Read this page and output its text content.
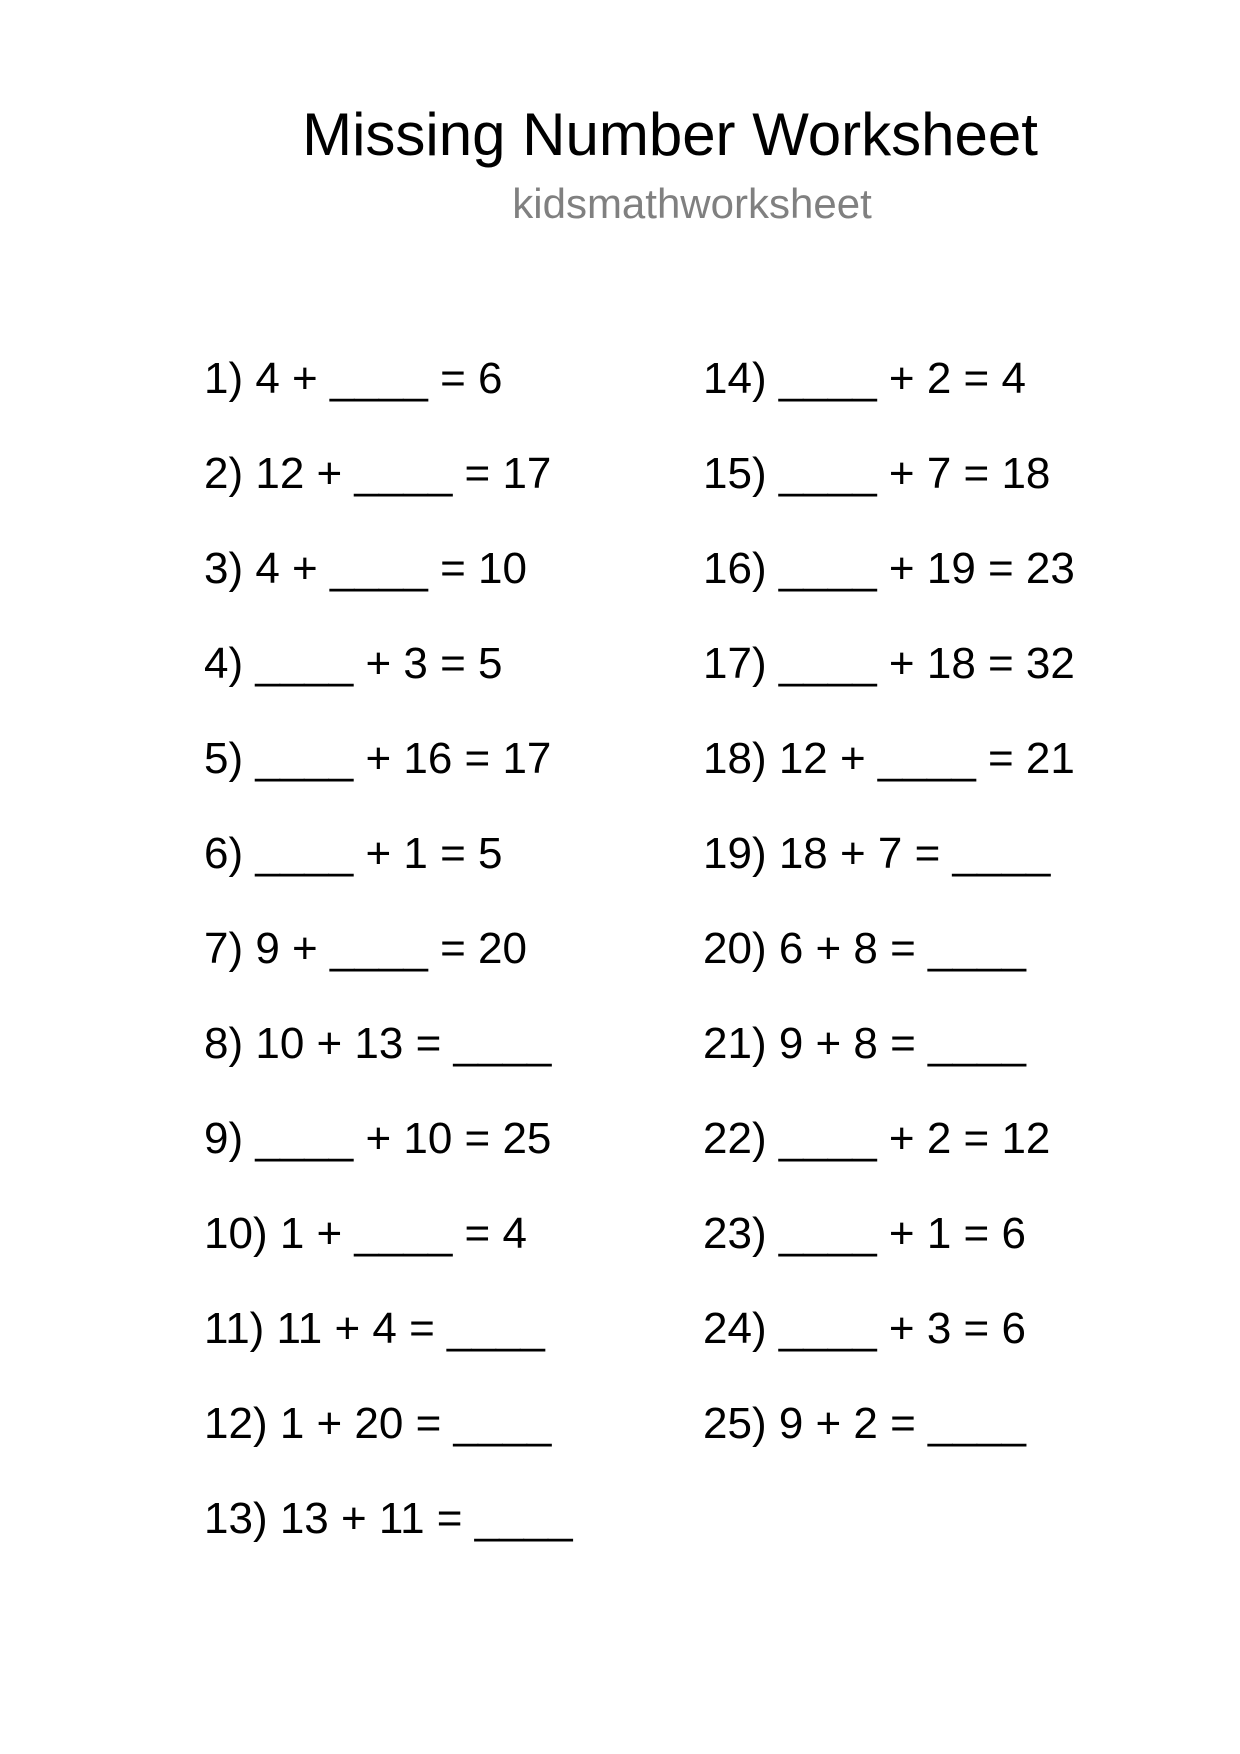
Missing Number Worksheet
kidsmathworksheet
1) 4 + ____ = 6
2) 12 + ____ = 17
3) 4 + ____ = 10
4) ____ + 3 = 5
5) ____ + 16 = 17
6) ____ + 1 = 5
7) 9 + ____ = 20
8) 10 + 13 = ____
9) ____ + 10 = 25
10) 1 + ____ = 4
11) 11 + 4 = ____
12) 1 + 20 = ____
13) 13 + 11 = ____
14) ____ + 2 = 4
15) ____ + 7 = 18
16) ____ + 19 = 23
17) ____ + 18 = 32
18) 12 + ____ = 21
19) 18 + 7 = ____
20) 6 + 8 = ____
21) 9 + 8 = ____
22) ____ + 2 = 12
23) ____ + 1 = 6
24) ____ + 3 = 6
25) 9 + 2 = ____
